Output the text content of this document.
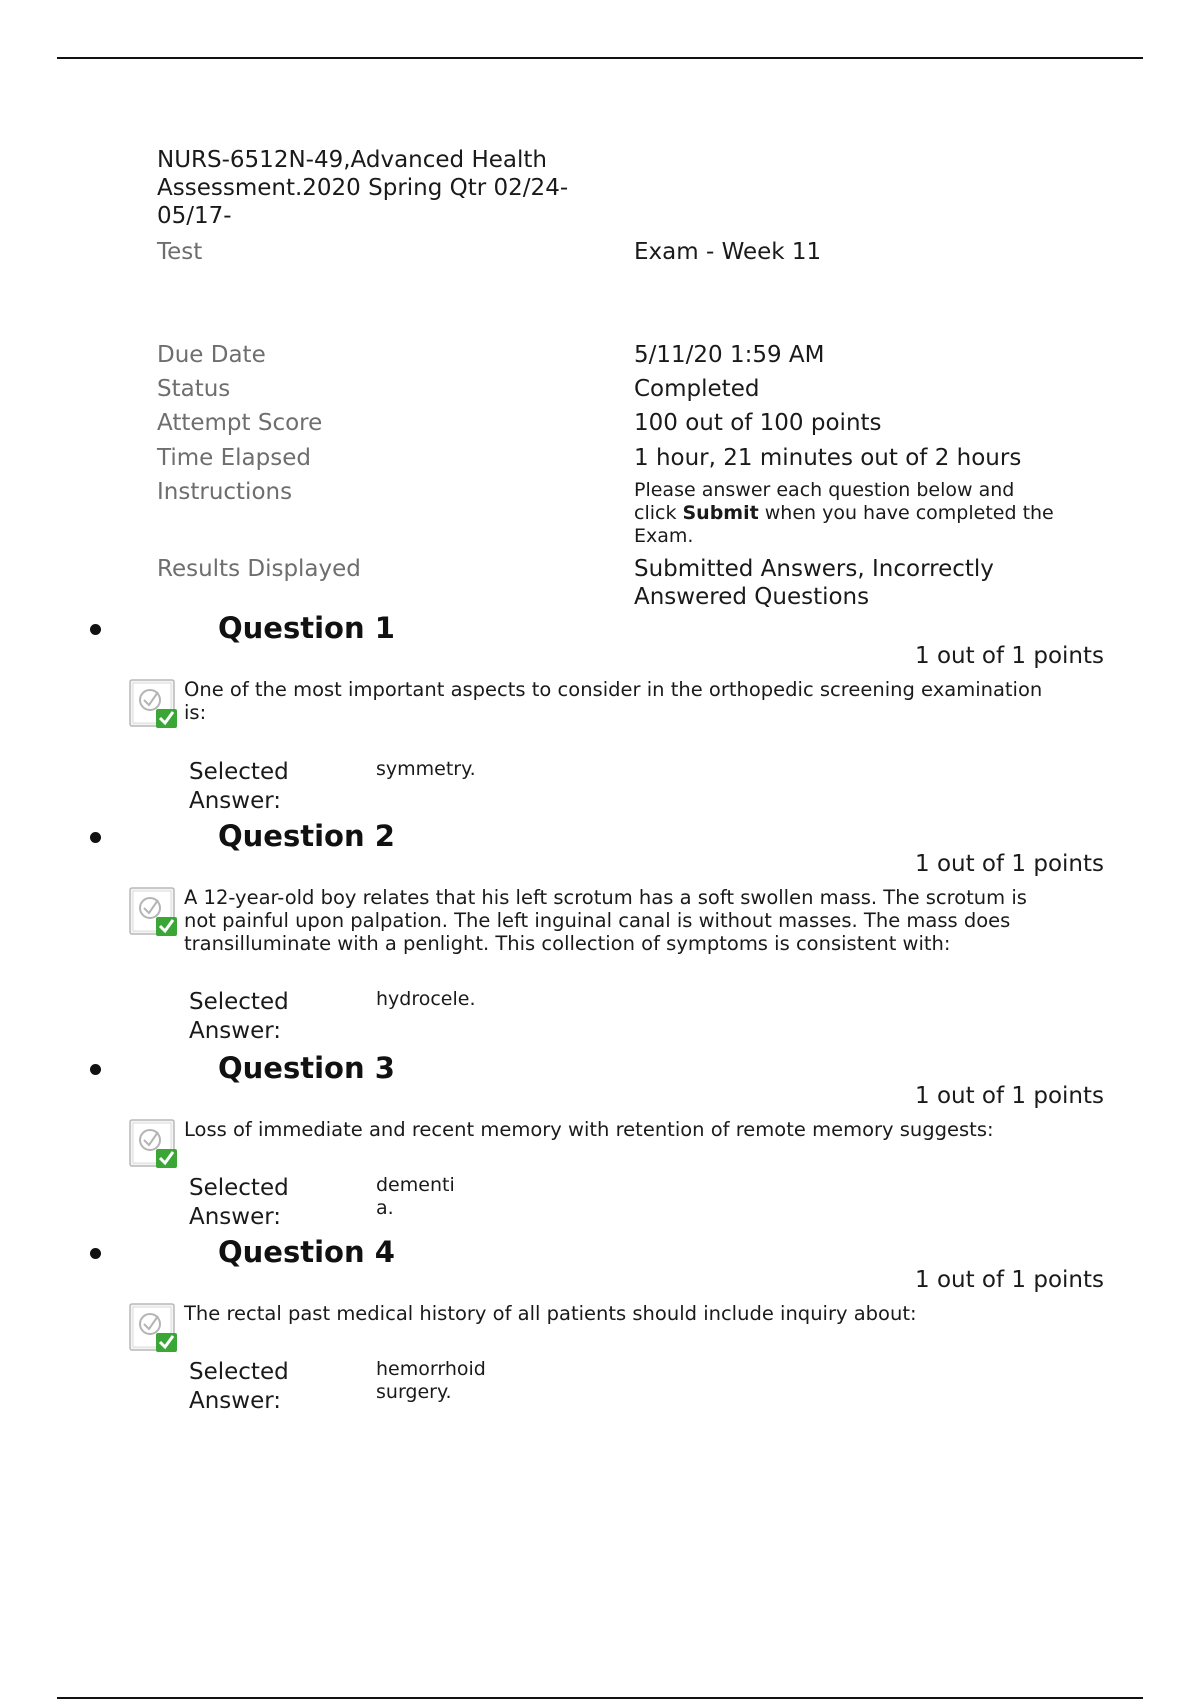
NURS-6512N-49,Advanced Health
Assessment.2020 Spring Qtr 02/24-
05/17-
Test	Exam - Week 11
Due Date	5/11/20 1:59 AM
Status	Completed
Attempt Score	100 out of 100 points
Time Elapsed	1 hour, 21 minutes out of 2 hours
Instructions	Please answer each question below and click Submit when you have completed the Exam.
Results Displayed	Submitted Answers, Incorrectly Answered Questions
Question 1
1 out of 1 points
One of the most important aspects to consider in the orthopedic screening examination is:
Selected
Answer:
symmetry.
Question 2
1 out of 1 points
A 12-year-old boy relates that his left scrotum has a soft swollen mass. The scrotum is not painful upon palpation. The left inguinal canal is without masses. The mass does transilluminate with a penlight. This collection of symptoms is consistent with:
Selected
Answer:
hydrocele.
Question 3
1 out of 1 points
Loss of immediate and recent memory with retention of remote memory suggests:
Selected
Answer:
dementia.
Question 4
1 out of 1 points
The rectal past medical history of all patients should include inquiry about:
Selected
Answer:
hemorrhoid surgery.
